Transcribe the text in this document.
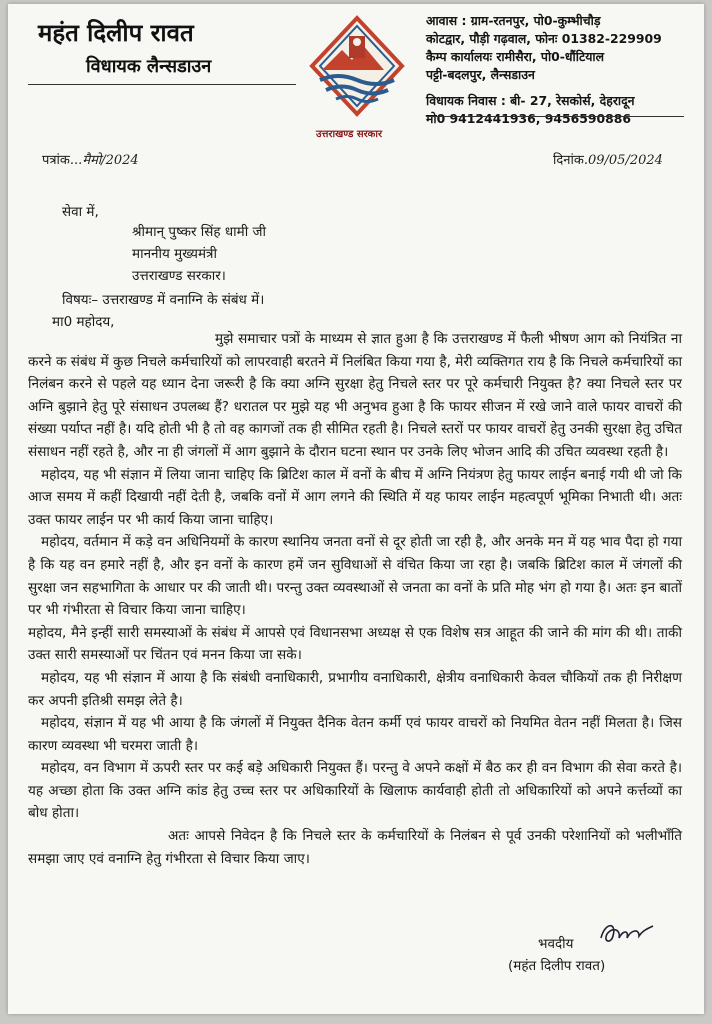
महंत दिलीप रावत
विधायक लैन्सडाउन
उत्तराखण्ड सरकार
आवास : ग्राम-रतनपुर, पो0-कुम्भीचौड़
कोटद्वार, पौड़ी गढ़वाल, फोनः 01382-229909
कैम्प कार्यालयः रामीसैरा, पो0-धौंटियाल
पट्टी-बदलपुर, लैन्सडाउन
विधायक निवास : बी- 27, रेसकोर्स, देहरादून
मो0 9412441936, 9456590886
पत्रांक...मैमो/2024	दिनांक.09/05/2024
सेवा में,
श्रीमान् पुष्कर सिंह धामी जी
माननीय मुख्यमंत्री
उत्तराखण्ड सरकार।
विषयः– उत्तराखण्ड में वनाग्नि के संबंध में।
मा0 महोदय,

मुझे समाचार पत्रों के माध्यम से ज्ञात हुआ है कि उत्तराखण्ड में फैली भीषण आग को नियंत्रित ना करने क संबंध में कुछ निचले कर्मचारियों को लापरवाही बरतने में निलंबित किया गया है, मेरी व्यक्तिगत राय है कि निचले कर्मचारियों का निलंबन करने से पहले यह ध्यान देना जरूरी है कि क्या अग्नि सुरक्षा हेतु निचले स्तर पर पूरे कर्मचारी नियुक्त है? क्या निचले स्तर पर अग्नि बुझाने हेतु पूरे संसाधन उपलब्ध हैं? धरातल पर मुझे यह भी अनुभव हुआ है कि फायर सीजन में रखे जाने वाले फायर वाचरों की संख्या पर्याप्त नहीं है। यदि होती भी है तो वह कागजों तक ही सीमित रहती है। निचले स्तरों पर फायर वाचरों हेतु उनकी सुरक्षा हेतु उचित संसाधन नहीं रहते है, और ना ही जंगलों में आग बुझाने के दौरान घटना स्थान पर उनके लिए भोजन आदि की उचित व्यवस्था रहती है।

महोदय, यह भी संज्ञान में लिया जाना चाहिए कि ब्रिटिश काल में वनों के बीच में अग्नि नियंत्रण हेतु फायर लाईन बनाई गयी थी जो कि आज समय में कहीं दिखायी नहीं देती है, जबकि वनों में आग लगने की स्थिति में यह फायर लाईन महत्वपूर्ण भूमिका निभाती थी। अतः उक्त फायर लाईन पर भी कार्य किया जाना चाहिए।

महोदय, वर्तमान में कड़े वन अधिनियमों के कारण स्थानिय जनता वनों से दूर होती जा रही है, और अनके मन में यह भाव पैदा हो गया है कि यह वन हमारे नहीं है, और इन वनों के कारण हमें जन सुविधाओं से वंचित किया जा रहा है। जबकि ब्रिटिश काल में जंगलों की सुरक्षा जन सहभागिता के आधार पर की जाती थी। परन्तु उक्त व्यवस्थाओं से जनता का वनों के प्रति मोह भंग हो गया है। अतः इन बातों पर भी गंभीरता से विचार किया जाना चाहिए।

महोदय, मैने इन्हीं सारी समस्याओं के संबंध में आपसे एवं विधानसभा अध्यक्ष से एक विशेष सत्र आहूत की जाने की मांग की थी। ताकी उक्त सारी समस्याओं पर चिंतन एवं मनन किया जा सके।

महोदय, यह भी संज्ञान में आया है कि संबंधी वनाधिकारी, प्रभागीय वनाधिकारी, क्षेत्रीय वनाधिकारी केवल चौकियों तक ही निरीक्षण कर अपनी इतिश्री समझ लेते है।

महोदय, संज्ञान में यह भी आया है कि जंगलों में नियुक्त दैनिक वेतन कर्मी एवं फायर वाचरों को नियमित वेतन नहीं मिलता है। जिस कारण व्यवस्था भी चरमरा जाती है।

महोदय, वन विभाग में ऊपरी स्तर पर कई बड़े अधिकारी नियुक्त हैं। परन्तु वे अपने कक्षों में बैठ कर ही वन विभाग की सेवा करते है। यह अच्छा होता कि उक्त अग्नि कांड हेतु उच्च स्तर पर अधिकारियों के खिलाफ कार्यवाही होती तो अधिकारियों को अपने कर्त्तव्यों का बोध होता।

अतः आपसे निवेदन है कि निचले स्तर के कर्मचारियों के निलंबन से पूर्व उनकी परेशानियों को भलीभाँति समझा जाए एवं वनाग्नि हेतु गंभीरता से विचार किया जाए।

भवदीय
(महंत दिलीप रावत)
